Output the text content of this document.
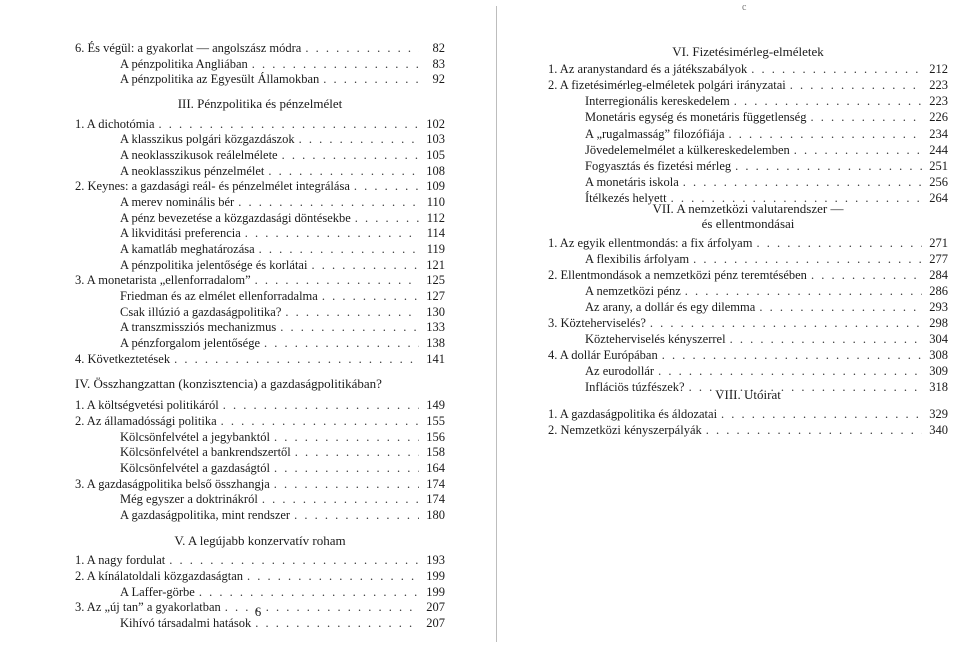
6. És végül: a gyakorlat — angolszász módra . . .	82
A pénzpolitika Angliában . . .	83
A pénzpolitika az Egyesült Államokban . . .	92
III. Pénzpolitika és pénzelmélet
1. A dichotómia . . .	102
A klasszikus polgári közgazdászok . . .	103
A neoklasszikusok reálelmélete . . .	105
A neoklasszikus pénzelmélet . . .	108
2. Keynes: a gazdasági reál- és pénzelmélet integrálása . . .	109
A merev nominális bér . . .	110
A pénz bevezetése a közgazdasági döntésekbe . . .	112
A likviditási preferencia . . .	114
A kamatláb meghatározása . . .	119
A pénzpolitika jelentősége és korlátai . . .	121
3. A monetarista „ellenforradalom” . . .	125
Friedman és az elmélet ellenforradalma . . .	127
Csak illúzió a gazdaságpolitika? . . .	130
A transzmissziós mechanizmus . . .	133
A pénzforgalom jelentősége . . .	138
4. Következtetések . . .	141
IV. Összhangzattan (konzisztencia) a gazdaságpolitikában?
1. A költségvetési politikáról . . .	149
2. Az államadóssági politika . . .	155
Kölcsönfelvétel a jegybanktól . . .	156
Kölcsönfelvétel a bankrendszertől . . .	158
Kölcsönfelvétel a gazdaságtól . . .	164
3. A gazdaságpolitika belső összhangja . . .	174
Még egyszer a doktrinákról . . .	174
A gazdaságpolitika, mint rendszer . . .	180
V. A legújabb konzervatív roham
1. A nagy fordulat . . .	193
2. A kínálatoldali közgazdaságtan . . .	199
A Laffer-görbe . . .	199
3. Az „új tan” a gyakorlatban . . .	207
Kihívó társadalmi hatások . . .	207
6
c
VI. Fizetésimérleg-elméletek
1. Az aranystandard és a játékszabályok . . .	212
2. A fizetésimérleg-elméletek polgári irányzatai . . .	223
Interregionális kereskedelem . . .	223
Monetáris egység és monetáris függetlenség . . .	226
A „rugalmasság” filozófiája . . .	234
Jövedelemelmélet a külkereskedelemben . . .	244
Fogyasztás és fizetési mérleg . . .	251
A monetáris iskola . . .	256
Ítélkezés helyett . . .	264
VII. A nemzetközi valutarendszer —
és ellentmondásai
1. Az egyik ellentmondás: a fix árfolyam . . .	271
A flexibilis árfolyam . . .	277
2. Ellentmondások a nemzetközi pénz teremtésében . . .	284
A nemzetközi pénz . . .	286
Az arany, a dollár és egy dilemma . . .	293
3. Közteherviselés? . . .	298
Közteherviselés kényszerrel . . .	304
4. A dollár Európában . . .	308
Az eurodollár . . .	309
Infláciös túzfészek? . . .	318
VIII. Utóirat
1. A gazdaságpolitika és áldozatai . . .	329
2. Nemzetközi kényszerpályák . . .	340
